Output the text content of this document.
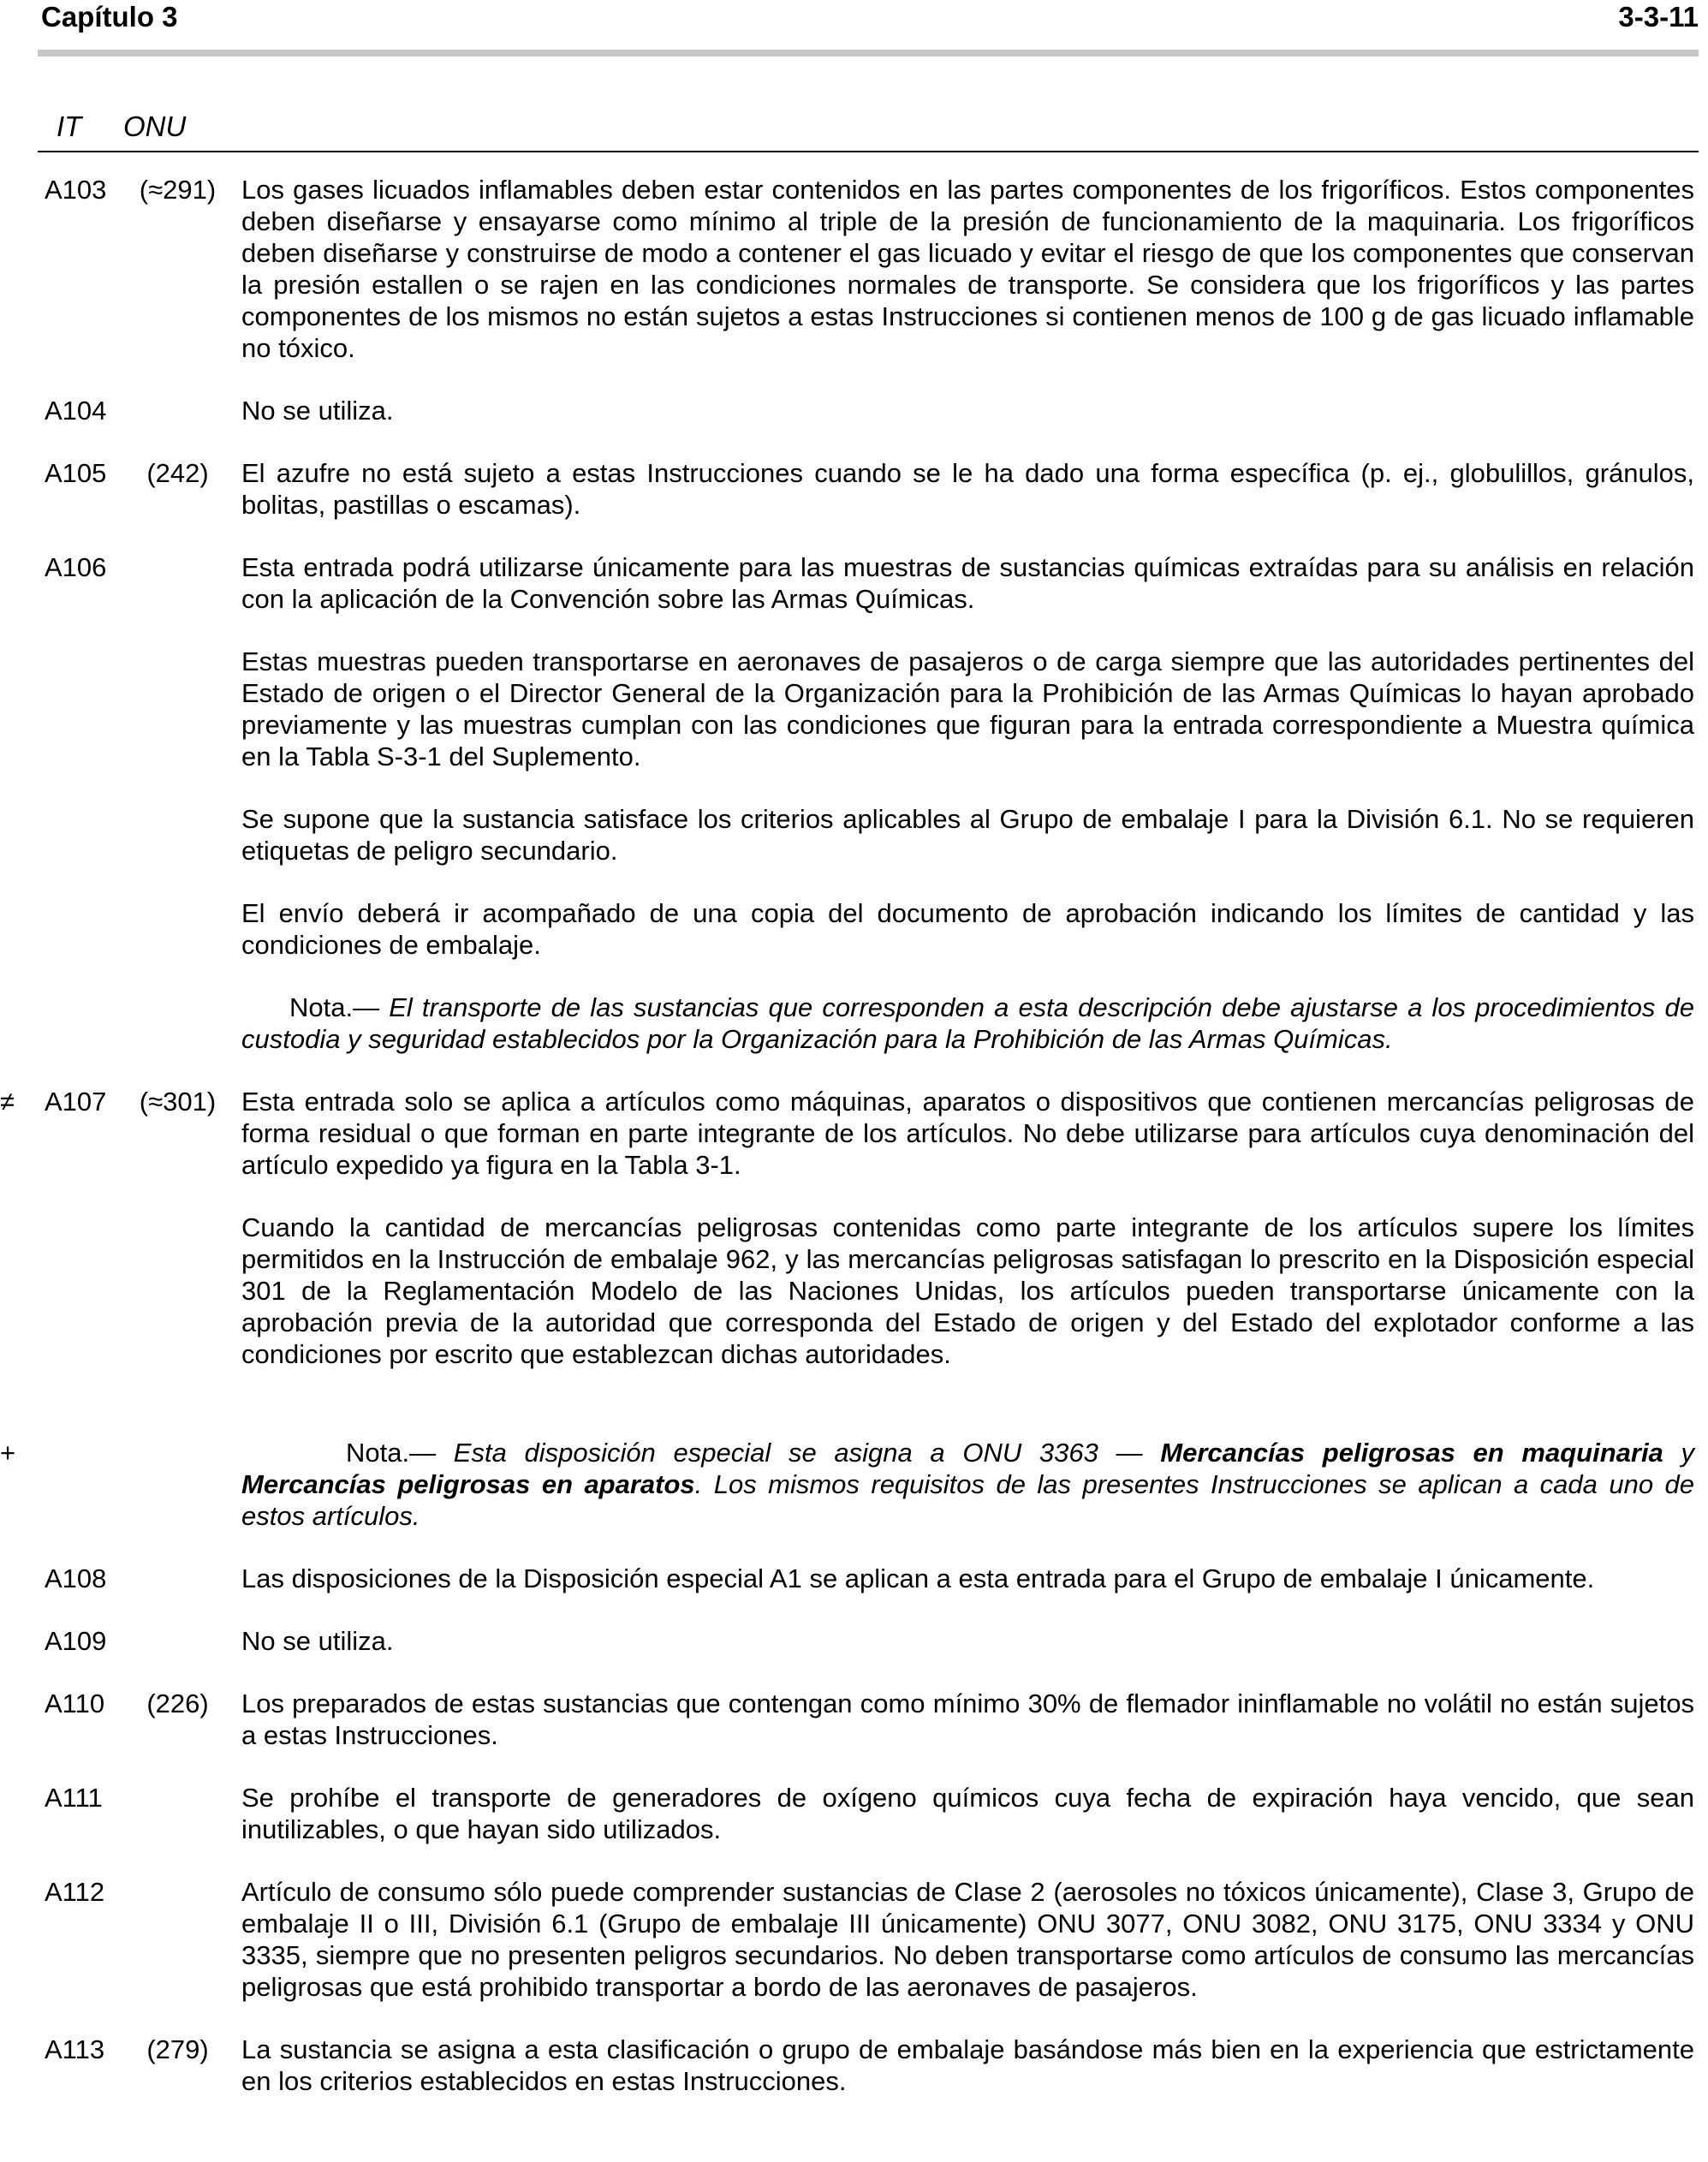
Capítulo 3	3-3-11
IT ONU
A103 (≈291) Los gases licuados inflamables deben estar contenidos en las partes componentes de los frigoríficos. Estos componentes deben diseñarse y ensayarse como mínimo al triple de la presión de funcionamiento de la maquinaria. Los frigoríficos deben diseñarse y construirse de modo a contener el gas licuado y evitar el riesgo de que los componentes que conservan la presión estallen o se rajen en las condiciones normales de transporte. Se considera que los frigoríficos y las partes componentes de los mismos no están sujetos a estas Instrucciones si contienen menos de 100 g de gas licuado inflamable no tóxico.

A104	No se utiliza.

A105	(242)	El azufre no está sujeto a estas Instrucciones cuando se le ha dado una forma específica (p. ej., globulillos, gránulos, bolitas, pastillas o escamas).

A106	Esta entrada podrá utilizarse únicamente para las muestras de sustancias químicas extraídas para su análisis en relación con la aplicación de la Convención sobre las Armas Químicas.

Estas muestras pueden transportarse en aeronaves de pasajeros o de carga siempre que las autoridades pertinentes del Estado de origen o el Director General de la Organización para la Prohibición de las Armas Químicas lo hayan aprobado previamente y las muestras cumplan con las condiciones que figuran para la entrada correspondiente a Muestra química en la Tabla S-3-1 del Suplemento.

Se supone que la sustancia satisface los criterios aplicables al Grupo de embalaje I para la División 6.1. No se requieren etiquetas de peligro secundario.

El envío deberá ir acompañado de una copia del documento de aprobación indicando los límites de cantidad y las condiciones de embalaje.

Nota.— El transporte de las sustancias que corresponden a esta descripción debe ajustarse a los procedimientos de custodia y seguridad establecidos por la Organización para la Prohibición de las Armas Químicas.

≠ A107 (≈301) Esta entrada solo se aplica a artículos como máquinas, aparatos o dispositivos que contienen mercancías peligrosas de forma residual o que forman en parte integrante de los artículos. No debe utilizarse para artículos cuya denominación del artículo expedido ya figura en la Tabla 3-1.

Cuando la cantidad de mercancías peligrosas contenidas como parte integrante de los artículos supere los límites permitidos en la Instrucción de embalaje 962, y las mercancías peligrosas satisfagan lo prescrito en la Disposición especial 301 de la Reglamentación Modelo de las Naciones Unidas, los artículos pueden transportarse únicamente con la aprobación previa de la autoridad que corresponda del Estado de origen y del Estado del explotador conforme a las condiciones por escrito que establezcan dichas autoridades.

+	Nota.— Esta disposición especial se asigna a ONU 3363 — Mercancías peligrosas en maquinaria y Mercancías peligrosas en aparatos. Los mismos requisitos de las presentes Instrucciones se aplican a cada uno de estos artículos.

A108	Las disposiciones de la Disposición especial A1 se aplican a esta entrada para el Grupo de embalaje I únicamente.

A109	No se utiliza.

A110	(226)	Los preparados de estas sustancias que contengan como mínimo 30% de flemador ininflamable no volátil no están sujetos a estas Instrucciones.

A111	Se prohíbe el transporte de generadores de oxígeno químicos cuya fecha de expiración haya vencido, que sean inutilizables, o que hayan sido utilizados.

A112	Artículo de consumo sólo puede comprender sustancias de Clase 2 (aerosoles no tóxicos únicamente), Clase 3, Grupo de embalaje II o III, División 6.1 (Grupo de embalaje III únicamente) ONU 3077, ONU 3082, ONU 3175, ONU 3334 y ONU 3335, siempre que no presenten peligros secundarios. No deben transportarse como artículos de consumo las mercancías peligrosas que está prohibido transportar a bordo de las aeronaves de pasajeros.

A113	(279)	La sustancia se asigna a esta clasificación o grupo de embalaje basándose más bien en la experiencia que estrictamente en los criterios establecidos en estas Instrucciones.
